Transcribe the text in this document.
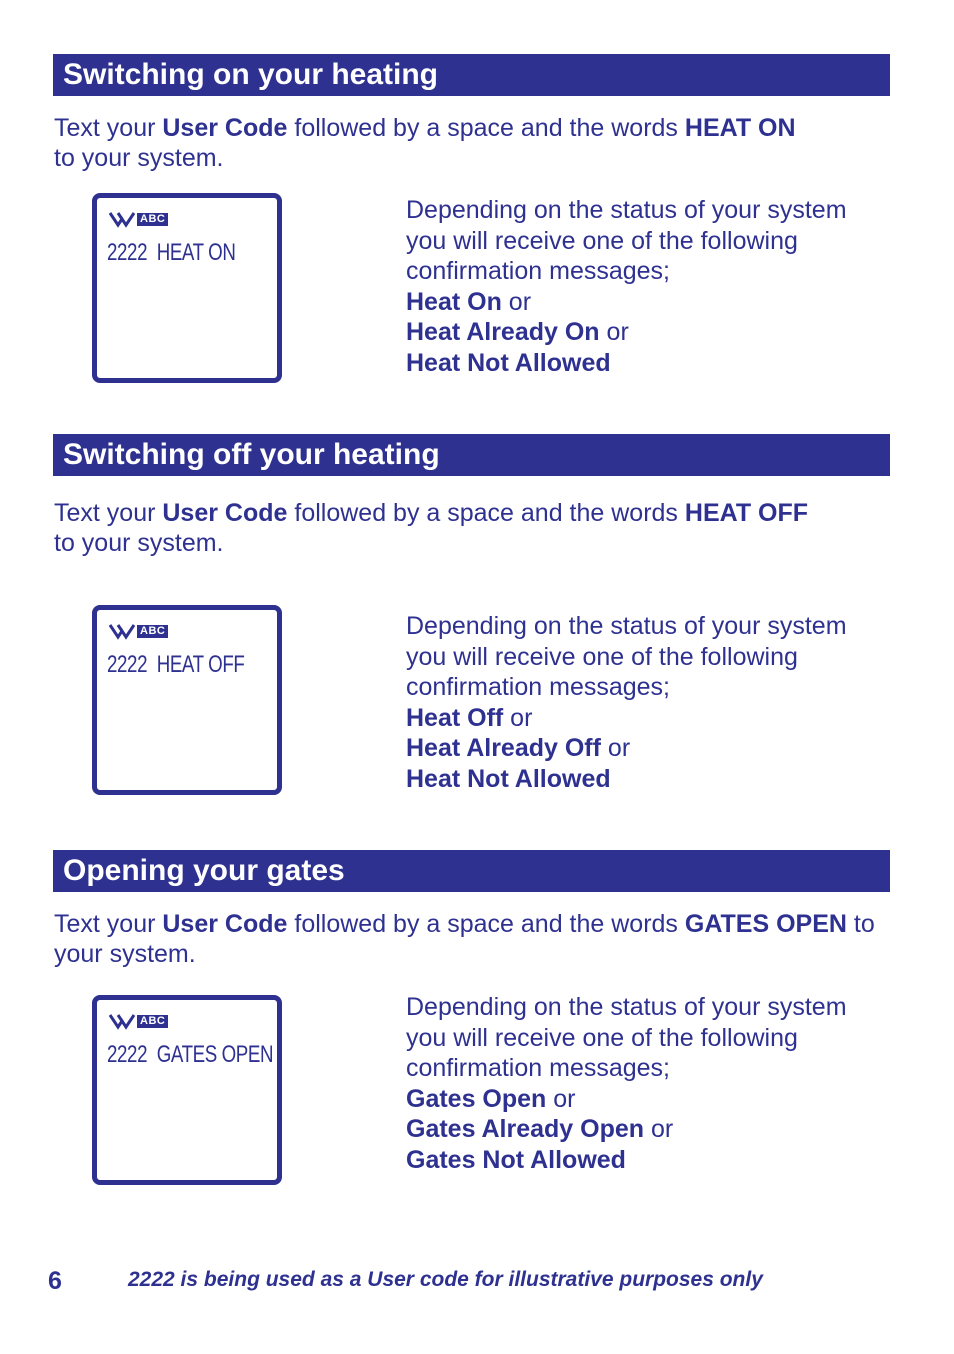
Switching on your heating
Text your User Code followed by a space and the words HEAT ON
to your system.
ABC
2222  HEAT ON
Depending on the status of your system
you will receive one of the following
confirmation messages;
Heat On or
Heat Already On or
Heat Not Allowed
Switching off your heating
Text your User Code followed by a space and the words HEAT OFF
to your system.
ABC
2222  HEAT OFF
Depending on the status of your system
you will receive one of the following
confirmation messages;
Heat Off or
Heat Already Off or
Heat Not Allowed
Opening your gates
Text your User Code followed by a space and the words GATES OPEN to your system.
ABC
2222  GATES OPEN
Depending on the status of your system
you will receive one of the following
confirmation messages;
Gates Open or
Gates Already Open or
Gates Not Allowed
6	2222 is being used as a User code for illustrative purposes only
